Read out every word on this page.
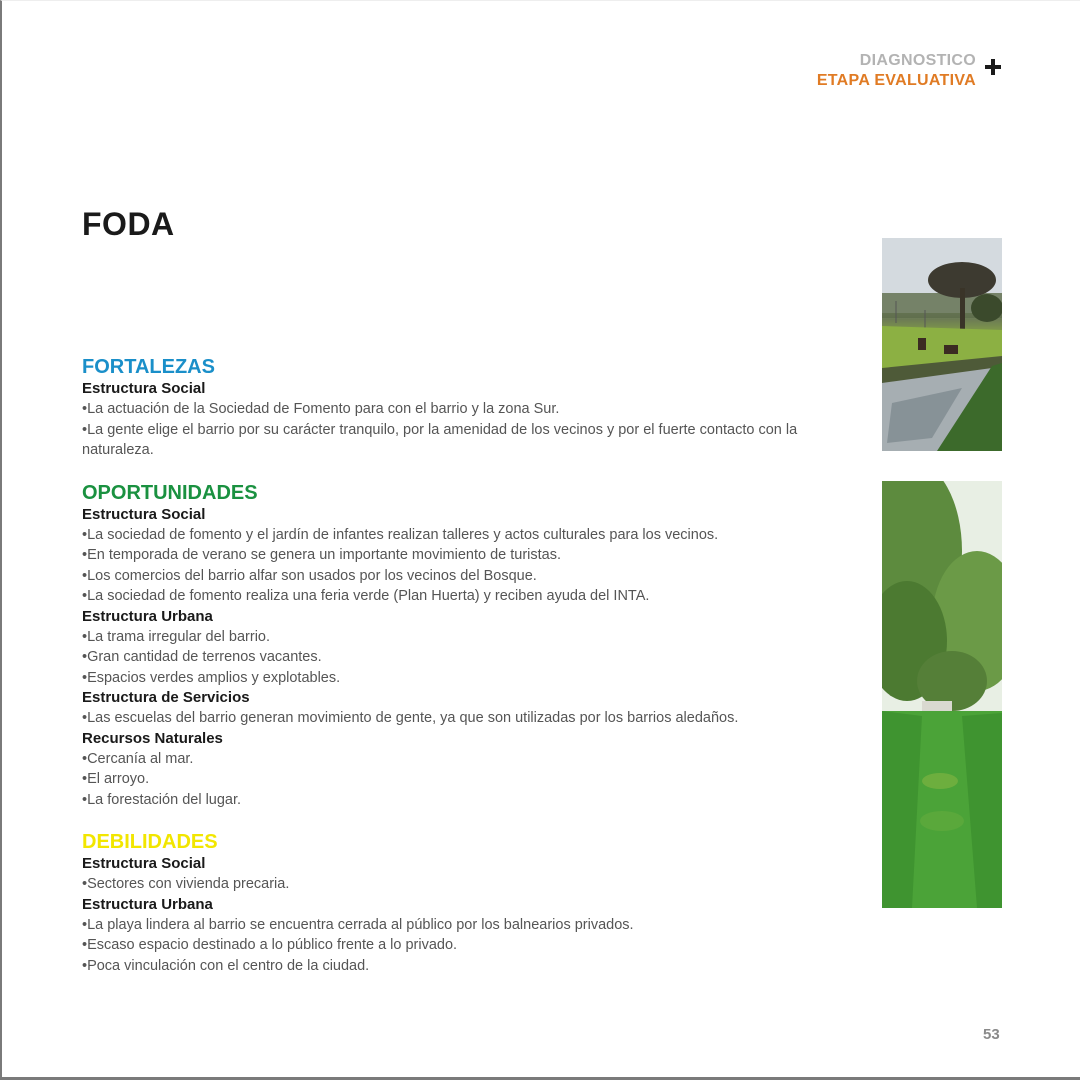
DIAGNOSTICO
ETAPA EVALUATIVA
FODA
FORTALEZAS
Estructura Social
•La actuación de la Sociedad de Fomento para con el barrio y la zona Sur.
•La gente elige el barrio por su carácter tranquilo, por la amenidad de los vecinos y por el fuerte contacto con la naturaleza.
OPORTUNIDADES
Estructura Social
•La sociedad de fomento y el jardín de infantes realizan talleres y actos culturales para los vecinos.
•En temporada de verano se genera un importante movimiento de turistas.
•Los comercios del barrio alfar son usados por los vecinos del Bosque.
•La sociedad de fomento realiza una feria verde (Plan Huerta) y reciben ayuda del INTA.
Estructura Urbana
•La trama irregular del barrio.
•Gran cantidad de terrenos vacantes.
•Espacios verdes amplios y explotables.
Estructura de Servicios
•Las escuelas del barrio generan movimiento de gente, ya que son utilizadas por los barrios aledaños.
Recursos Naturales
•Cercanía al mar.
•El arroyo.
•La forestación del lugar.
DEBILIDADES
Estructura Social
•Sectores con vivienda precaria.
Estructura Urbana
•La playa lindera al barrio se encuentra cerrada al público por los balnearios privados.
•Escaso espacio destinado a lo público frente a lo privado.
•Poca vinculación con el centro de la ciudad.
53
